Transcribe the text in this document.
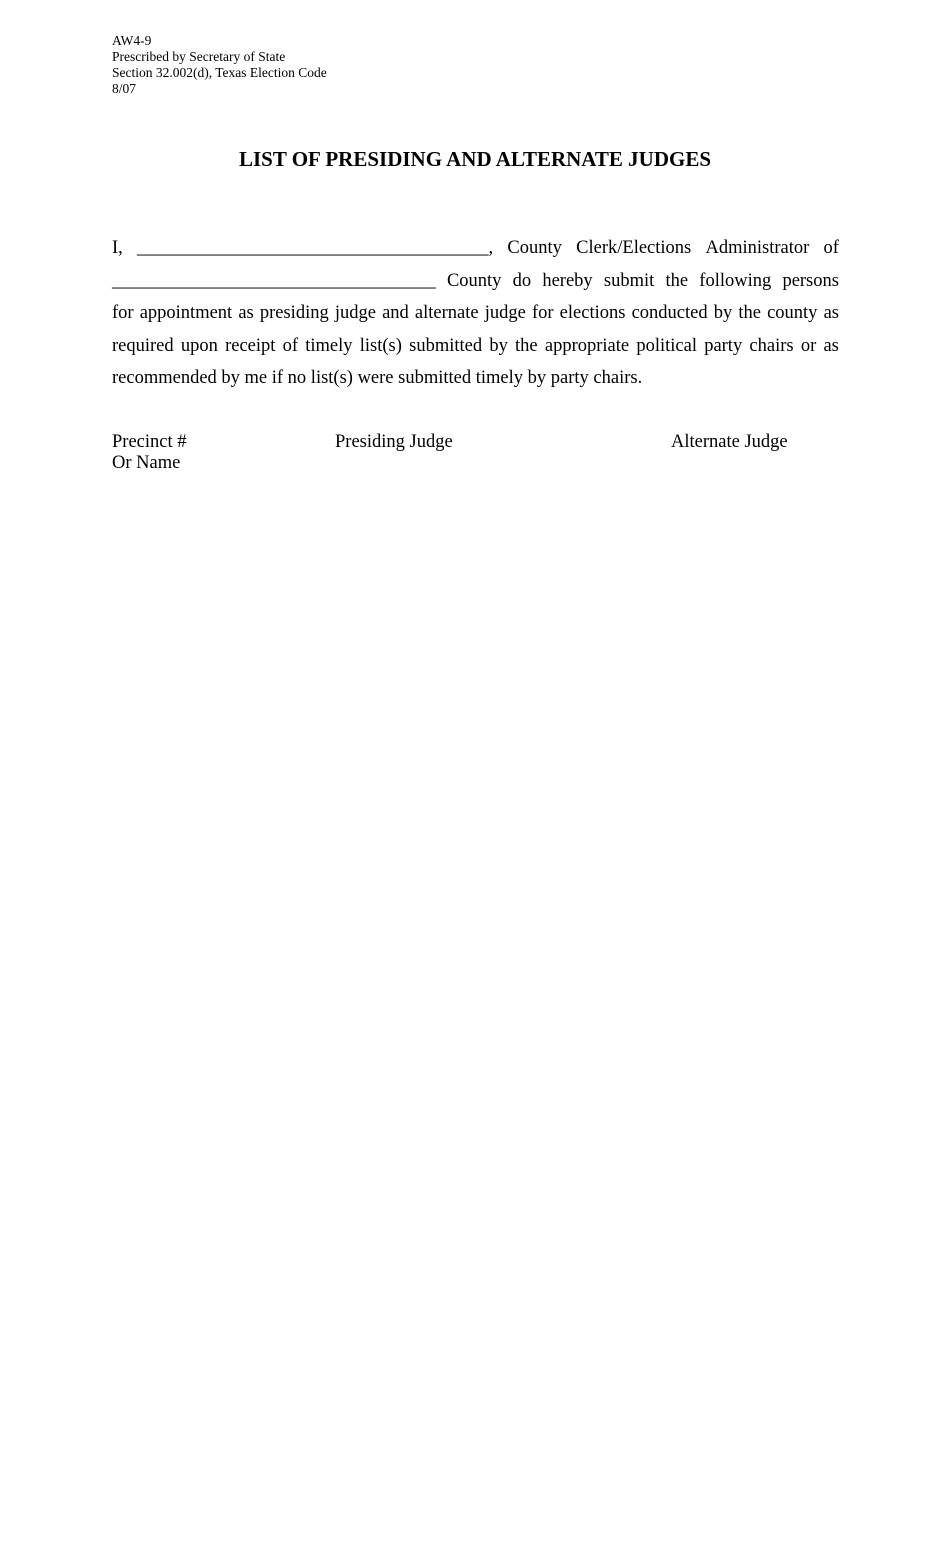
AW4-9
Prescribed by Secretary of State
Section 32.002(d), Texas Election Code
8/07
LIST OF PRESIDING AND ALTERNATE JUDGES
I, ______________________________________, County Clerk/Elections Administrator of
___________________________________ County do hereby submit the following persons
for appointment as presiding judge and alternate judge for elections conducted by the county as
required upon receipt of timely list(s) submitted by the appropriate political party chairs or as
recommended by me if no list(s) were submitted timely by party chairs.
Precinct #
Or Name
Presiding Judge	Alternate Judge
